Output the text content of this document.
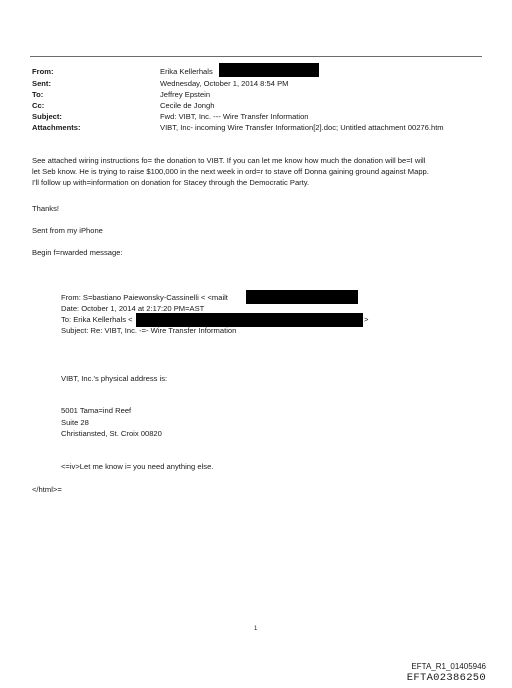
From:	Erika Kellerhals
Sent:	Wednesday, October 1, 2014 8:54 PM
To:	Jeffrey Epstein
Cc:	Cecile de Jongh
Subject:	Fwd: VIBT, Inc. --- Wire Transfer Information
Attachments:	VIBT, Inc- incoming Wire Transfer Information[2].doc; Untitled attachment 00276.htm
See attached wiring instructions fo= the donation to VIBT. If you can let me know how much the donation will be=I will
let Seb know. He is trying to raise $100,000 in the next week in ord=r to stave off Donna gaining ground against Mapp.
I'll follow up with=information on donation for Stacey through the Democratic Party.
Thanks!
Sent from my iPhone
Begin f=rwarded message:
From: S=bastiano Paiewonsky-Cassinelli < <mailt
Date: October 1, 2014 at 2:17:20 PM=AST
To: Erika Kellerhals <	>
Subject: Re: VIBT, Inc. -=- Wire Transfer Information
VIBT, Inc.'s physical address is:
5001 Tama=ind Reef
Suite 28
Christiansted, St. Croix 00820
<=iv>Let me know i= you need anything else.
</html>=
1
EFTA_R1_01405946
EFTA02386250
